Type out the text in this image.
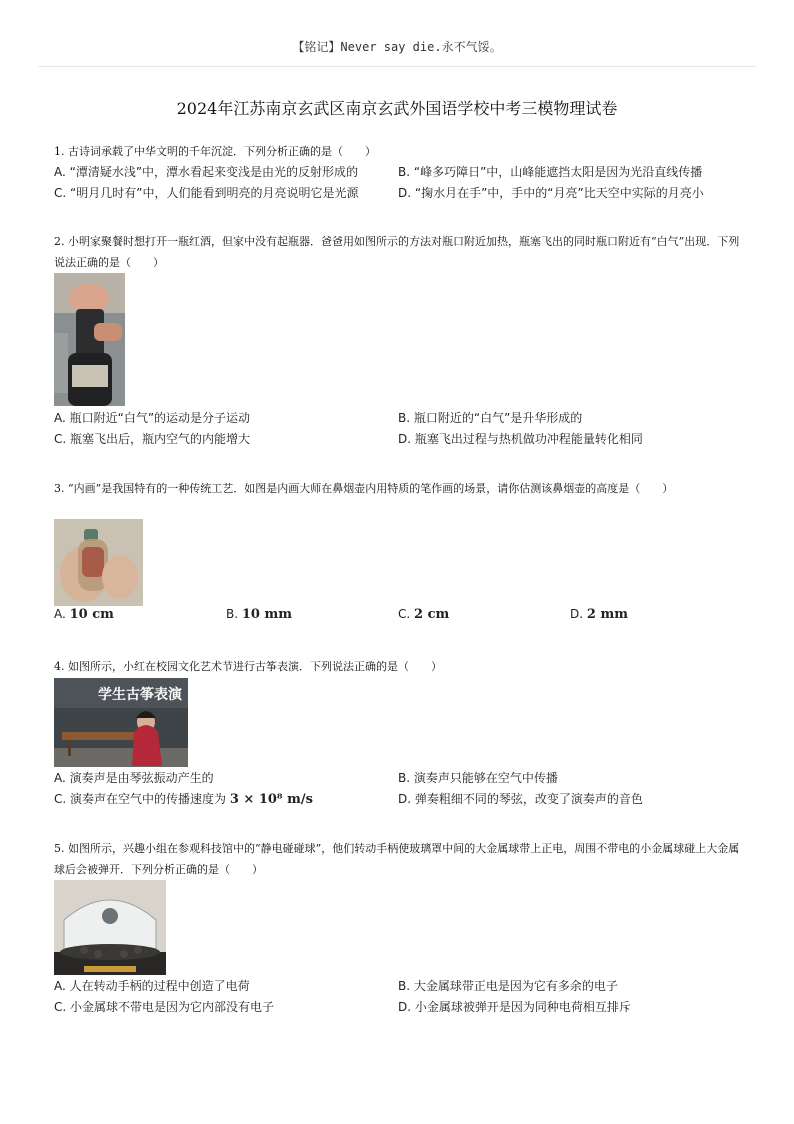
【铭记】Never say die.永不气馁。
2024年江苏南京玄武区南京玄武外国语学校中考三模物理试卷

1. 古诗词承载了中华文明的千年沉淀．下列分析正确的是（　　）

A. “潭清疑水浅”中，潭水看起来变浅是由光的反射形成的	B. “峰多巧障日”中，山峰能遮挡太阳是因为光沿直线传播
C. “明月几时有”中，人们能看到明亮的月亮说明它是光源	D. “掬水月在手”中，手中的“月亮”比天空中实际的月亮小

2. 小明家聚餐时想打开一瓶红酒，但家中没有起瓶器．爸爸用如图所示的方法对瓶口附近加热，瓶塞飞出的同时瓶口附近有“白气”出现．下列说法正确的是（　　）

A. 瓶口附近“白气”的运动是分子运动	B. 瓶口附近的“白气”是升华形成的
C. 瓶塞飞出后，瓶内空气的内能增大	D. 瓶塞飞出过程与热机做功冲程能量转化相同

3. “内画”是我国特有的一种传统工艺．如图是内画大师在鼻烟壶内用特质的笔作画的场景，请你估测该鼻烟壶的高度是（　　）

A. 10 cm	B. 10 mm	C. 2 cm	D. 2 mm

4. 如图所示，小红在校园文化艺术节进行古筝表演．下列说法正确的是（　　）

学生古筝表演
A. 演奏声是由琴弦振动产生的	B. 演奏声只能够在空气中传播
C. 演奏声在空气中的传播速度为 3 × 10⁸ m/s	D. 弹奏粗细不同的琴弦，改变了演奏声的音色

5. 如图所示，兴趣小组在参观科技馆中的“静电碰碰球”，他们转动手柄使玻璃罩中间的大金属球带上正电，周围不带电的小金属球碰上大金属球后会被弹开．下列分析正确的是（　　）

A. 人在转动手柄的过程中创造了电荷	B. 大金属球带正电是因为它有多余的电子
C. 小金属球不带电是因为它内部没有电子	D. 小金属球被弹开是因为同种电荷相互排斥
